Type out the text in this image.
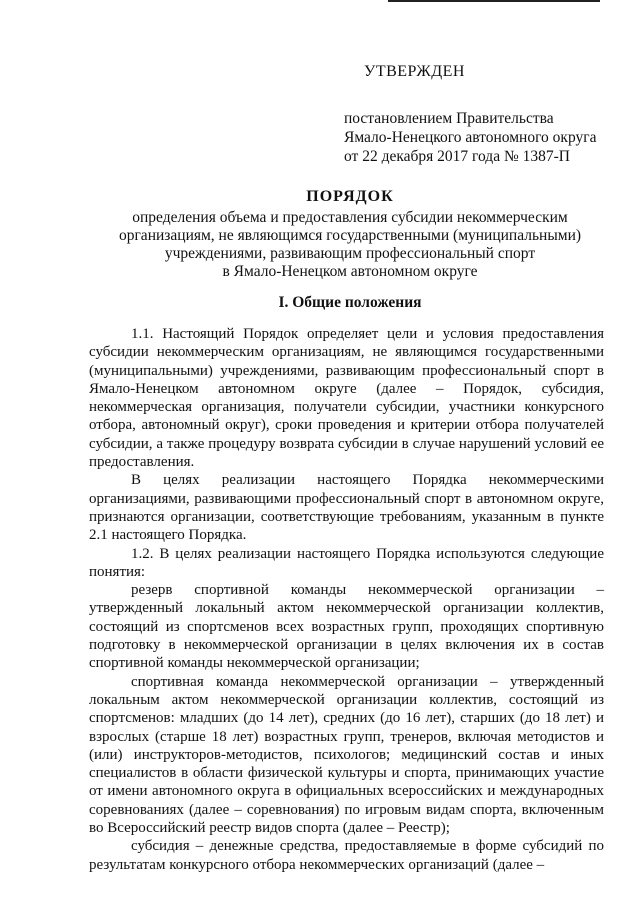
УТВЕРЖДЕН
постановлением Правительства
Ямало-Ненецкого автономного округа
от 22 декабря 2017 года № 1387-П
ПОРЯДОК
определения объема и предоставления субсидии некоммерческим
организациям, не являющимся государственными (муниципальными)
учреждениями, развивающим профессиональный спорт
в Ямало-Ненецком автономном округе
I. Общие положения

1.1. Настоящий Порядок определяет цели и условия предоставления субсидии некоммерческим организациям, не являющимся государственными (муниципальными) учреждениями, развивающим профессиональный спорт в Ямало-Ненецком автономном округе (далее – Порядок, субсидия, некоммерческая организация, получатели субсидии, участники конкурсного отбора, автономный округ), сроки проведения и критерии отбора получателей субсидии, а также процедуру возврата субсидии в случае нарушений условий ее предоставления.

В целях реализации настоящего Порядка некоммерческими организациями, развивающими профессиональный спорт в автономном округе, признаются организации, соответствующие требованиям, указанным в пункте 2.1 настоящего Порядка.

1.2. В целях реализации настоящего Порядка используются следующие понятия:

резерв спортивной команды некоммерческой организации – утвержденный локальный актом некоммерческой организации коллектив, состоящий из спортсменов всех возрастных групп, проходящих спортивную подготовку в некоммерческой организации в целях включения их в состав спортивной команды некоммерческой организации;

спортивная команда некоммерческой организации – утвержденный локальным актом некоммерческой организации коллектив, состоящий из спортсменов: младших (до 14 лет), средних (до 16 лет), старших (до 18 лет) и взрослых (старше 18 лет) возрастных групп, тренеров, включая методистов и (или) инструкторов-методистов, психологов; медицинский состав и иных специалистов в области физической культуры и спорта, принимающих участие от имени автономного округа в официальных всероссийских и международных соревнованиях (далее – соревнования) по игровым видам спорта, включенным во Всероссийский реестр видов спорта (далее – Реестр);

субсидия – денежные средства, предоставляемые в форме субсидий по результатам конкурсного отбора некоммерческих организаций (далее –
